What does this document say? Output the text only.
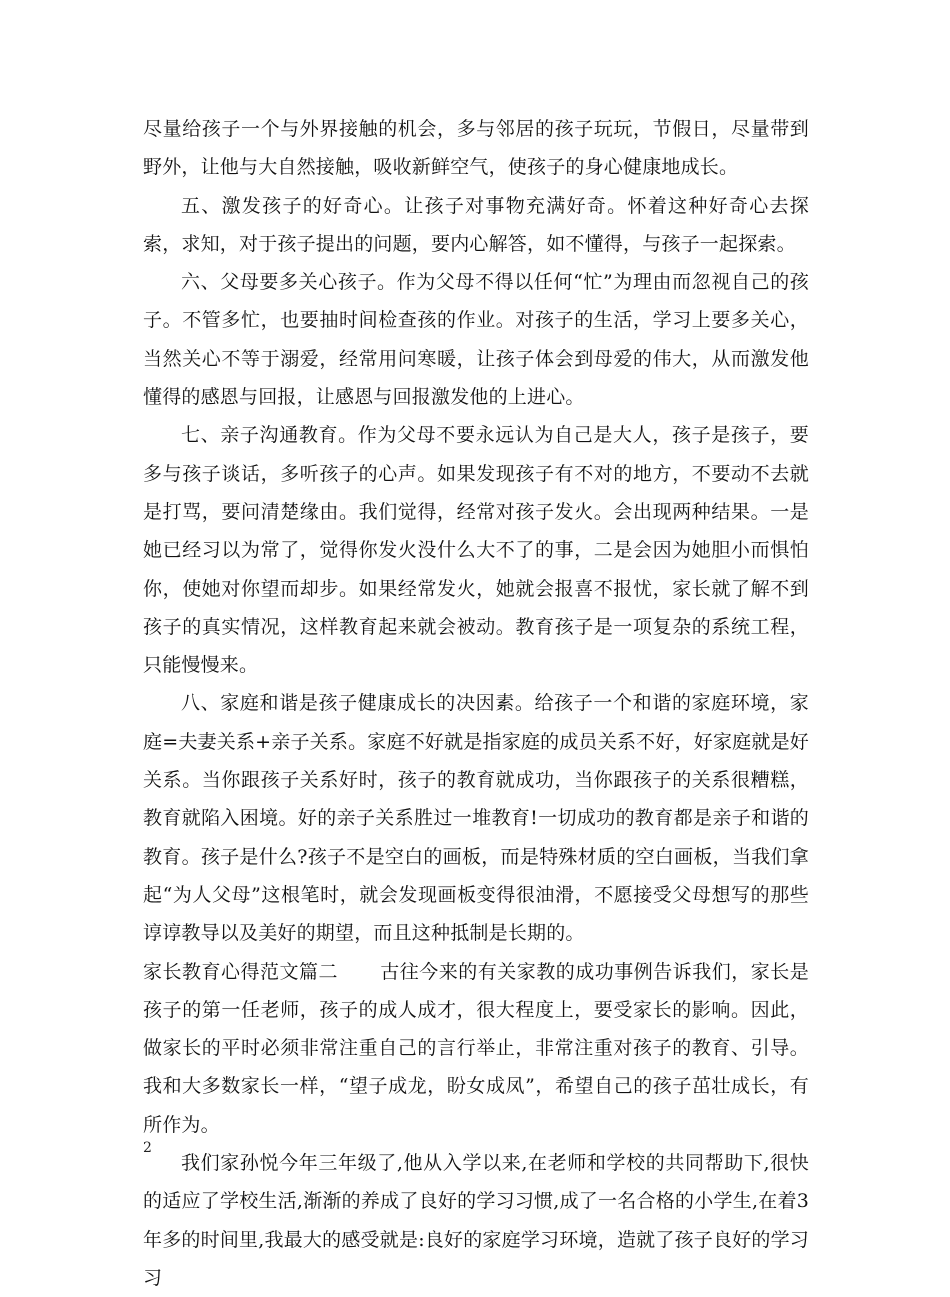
尽量给孩子一个与外界接触的机会，多与邻居的孩子玩玩，节假日，尽量带到野外，让他与大自然接触，吸收新鲜空气，使孩子的身心健康地成长。

五、激发孩子的好奇心。让孩子对事物充满好奇。怀着这种好奇心去探索，求知，对于孩子提出的问题，要内心解答，如不懂得，与孩子一起探索。

六、父母要多关心孩子。作为父母不得以任何“忙”为理由而忽视自己的孩子。不管多忙，也要抽时间检查孩的作业。对孩子的生活，学习上要多关心，当然关心不等于溺爱，经常用问寒暖，让孩子体会到母爱的伟大，从而激发他懂得的感恩与回报，让感恩与回报激发他的上进心。

七、亲子沟通教育。作为父母不要永远认为自己是大人，孩子是孩子，要多与孩子谈话，多听孩子的心声。如果发现孩子有不对的地方，不要动不去就是打骂，要问清楚缘由。我们觉得，经常对孩子发火。会出现两种结果。一是她已经习以为常了，觉得你发火没什么大不了的事，二是会因为她胆小而惧怕你，使她对你望而却步。如果经常发火，她就会报喜不报忧，家长就了解不到孩子的真实情况，这样教育起来就会被动。教育孩子是一项复杂的系统工程，只能慢慢来。

八、家庭和谐是孩子健康成长的决因素。给孩子一个和谐的家庭环境，家庭=夫妻关系+亲子关系。家庭不好就是指家庭的成员关系不好，好家庭就是好关系。当你跟孩子关系好时，孩子的教育就成功，当你跟孩子的关系很糟糕，教育就陷入困境。好的亲子关系胜过一堆教育!一切成功的教育都是亲子和谐的教育。孩子是什么?孩子不是空白的画板，而是特殊材质的空白画板，当我们拿起“为人父母”这根笔时，就会发现画板变得很油滑，不愿接受父母想写的那些谆谆教导以及美好的期望，而且这种抵制是长期的。

家长教育心得范文篇二 古往今来的有关家教的成功事例告诉我们，家长是孩子的第一任老师，孩子的成人成才，很大程度上，要受家长的影响。因此，做家长的平时必须非常注重自己的言行举止，非常注重对孩子的教育、引导。我和大多数家长一样，“望子成龙，盼女成凤”，希望自己的孩子茁壮成长，有所作为。

我们家孙悦今年三年级了,他从入学以来,在老师和学校的共同帮助下,很快的适应了学校生活,渐渐的养成了良好的学习习惯,成了一名合格的小学生,在着3年多的时间里,我最大的感受就是:良好的家庭学习环境，造就了孩子良好的学习习

2
